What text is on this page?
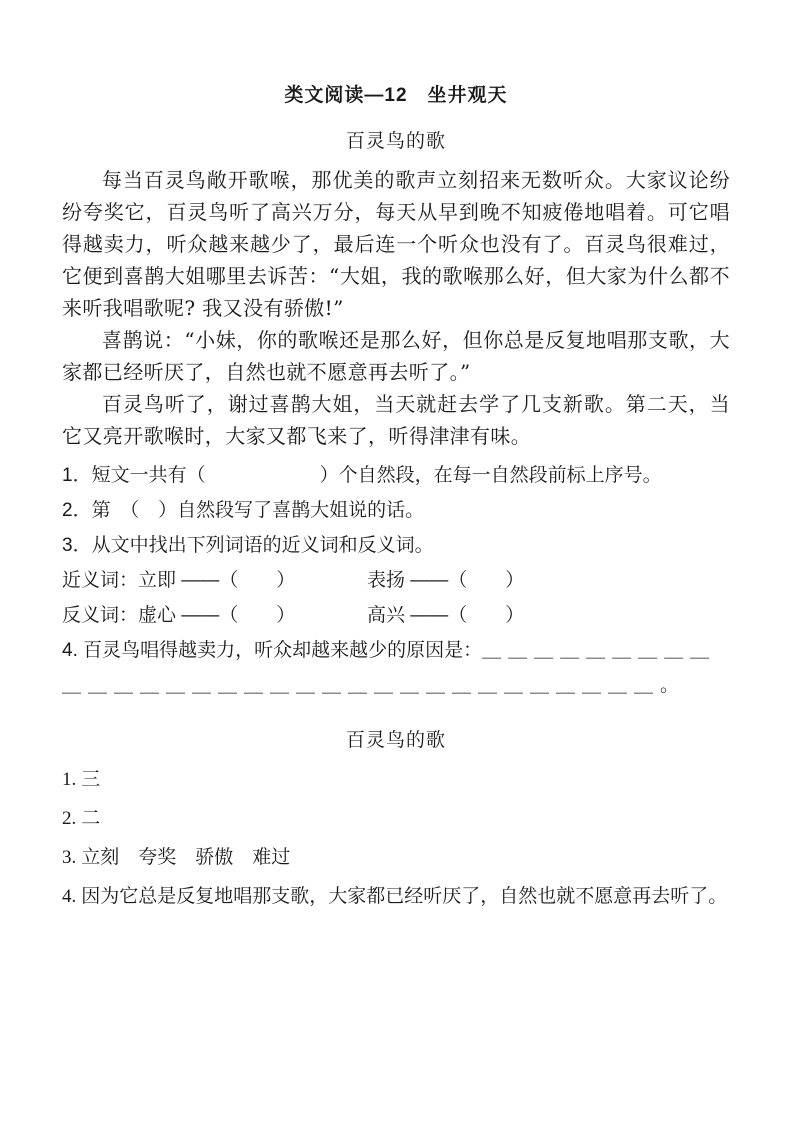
类文阅读—12　坐井观天
百灵鸟的歌

每当百灵鸟敞开歌喉，那优美的歌声立刻招来无数听众。大家议论纷纷夸奖它，百灵鸟听了高兴万分，每天从早到晚不知疲倦地唱着。可它唱得越卖力，听众越来越少了，最后连一个听众也没有了。百灵鸟很难过，它便到喜鹊大姐哪里去诉苦：“大姐，我的歌喉那么好，但大家为什么都不来听我唱歌呢? 我又没有骄傲!”

喜鹊说：“小妹，你的歌喉还是那么好，但你总是反复地唱那支歌，大家都已经听厌了，自然也就不愿意再去听了。”

百灵鸟听了，谢过喜鹊大姐，当天就赶去学了几支新歌。第二天，当它又亮开歌喉时，大家又都飞来了，听得津津有味。

1．短文一共有（　　　　　　）个自然段，在每一自然段前标上序号。
2．第　（　）自然段写了喜鹊大姐说的话。
3．从文中找出下列词语的近义词和反义词。
近义词：立即 ——（　　）	表扬 ——（　　）
反义词：虚心 ——（　　）	高兴 ——（　　）
4. 百灵鸟唱得越卖力，听众却越来越少的原因是：＿＿＿＿＿＿＿＿＿＿＿＿＿＿＿＿＿＿＿＿＿＿＿＿＿＿＿＿＿＿＿＿。
百灵鸟的歌
1. 三
2. 二
3. 立刻　夸奖　骄傲　难过
4. 因为它总是反复地唱那支歌，大家都已经听厌了，自然也就不愿意再去听了。
